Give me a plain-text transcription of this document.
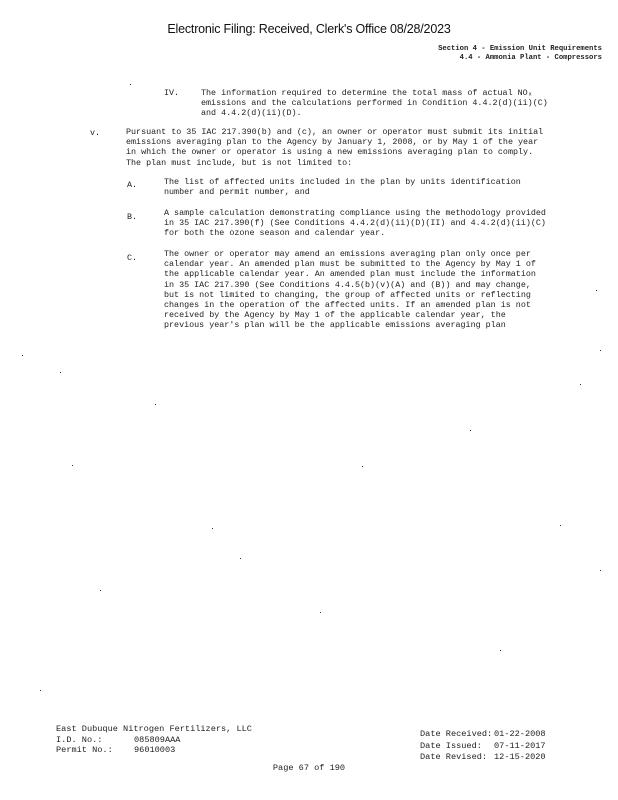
Electronic Filing: Received, Clerk's Office 08/28/2023
Section 4 - Emission Unit Requirements
4.4 - Ammonia Plant - Compressors
IV.	The information required to determine the total mass of actual NOₓ
emissions and the calculations performed in Condition 4.4.2(d)(ii)(C)
and 4.4.2(d)(ii)(D).
v.	Pursuant to 35 IAC 217.390(b) and (c), an owner or operator must submit its initial
emissions averaging plan to the Agency by January 1, 2008, or by May 1 of the year
in which the owner or operator is using a new emissions averaging plan to comply.
The plan must include, but is not limited to:
A.	The list of affected units included in the plan by units identification
number and permit number, and
B.	A sample calculation demonstrating compliance using the methodology provided
in 35 IAC 217.390(f) (See Conditions 4.4.2(d)(ii)(D)(II) and 4.4.2(d)(ii)(C)
for both the ozone season and calendar year.
C.	The owner or operator may amend an emissions averaging plan only once per
calendar year. An amended plan must be submitted to the Agency by May 1 of
the applicable calendar year. An amended plan must include the information
in 35 IAC 217.390 (See Conditions 4.4.5(b)(v)(A) and (B)) and may change,
but is not limited to changing, the group of affected units or reflecting
changes in the operation of the affected units. If an amended plan is not
received by the Agency by May 1 of the applicable calendar year, the
previous year's plan will be the applicable emissions averaging plan
East Dubuque Nitrogen Fertilizers, LLC
I.D. No.:	085809AAA
Permit No.: 96010003
Date Received: 01-22-2008
Date Issued: 07-11-2017
Date Revised: 12-15-2020
Page 67 of 190
